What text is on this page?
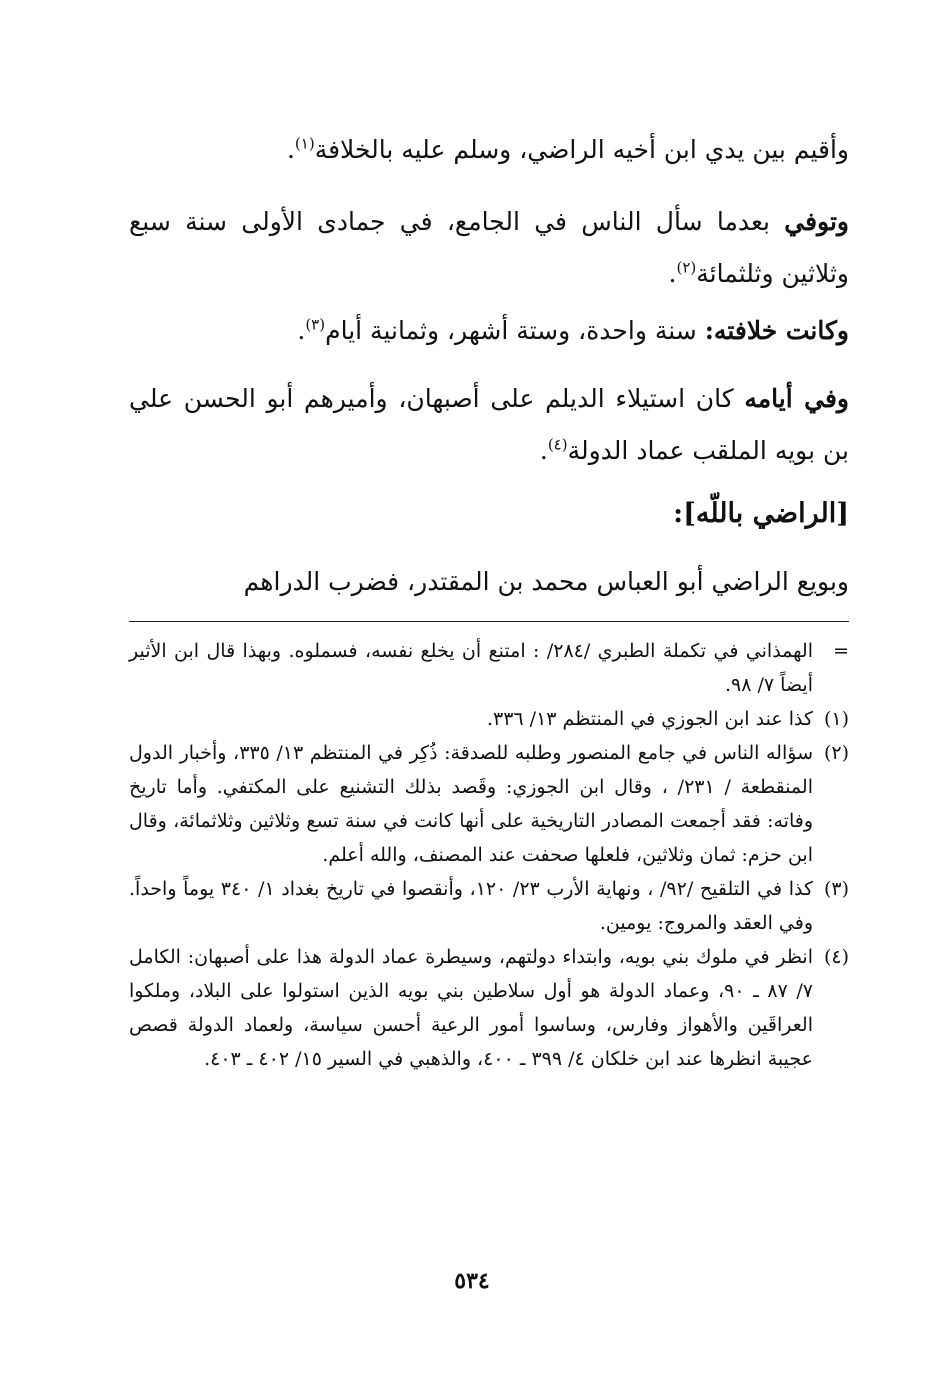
وأقيم بين يدي ابن أخيه الراضي، وسلم عليه بالخلافة$^{(١)}$.

وتوفي بعدما سأل الناس في الجامع، في جمادى الأولى سنة سبع وثلاثين وثلثمائة$^{(٢)}$.

وكانت خلافته: سنة واحدة، وستة أشهر، وثمانية أيام$^{(٣)}$.

وفي أيامه كان استيلاء الديلم على أصبهان، وأميرهم أبو الحسن علي بن بويه الملقب عماد الدولة$^{(٤)}$.

[الراضي باللّه]:

وبويع الراضي أبو العباس محمد بن المقتدر، فضرب الدراهم

=
الهمذاني في تكملة الطبري /٢٨٤/ : امتنع أن يخلع نفسه، فسملوه. وبهذا قال ابن الأثير أيضاً ٧/ ٩٨.
(١)
كذا عند ابن الجوزي في المنتظم ١٣/ ٣٣٦.
(٢)
سؤاله الناس في جامع المنصور وطلبه للصدقة: ذُكِر في المنتظم ١٣/ ٣٣٥، وأخبار الدول المنقطعة / ٢٣١/ ، وقال ابن الجوزي: وقَصد بذلك التشنيع على المكتفي. وأما تاريخ وفاته: فقد أجمعت المصادر التاريخية على أنها كانت في سنة تسع وثلاثين وثلاثمائة، وقال ابن حزم: ثمان وثلاثين، فلعلها صحفت عند المصنف، والله أعلم.
(٣)
كذا في التلقيح /٩٢/ ، ونهاية الأرب ٢٣/ ١٢٠، وأنقصوا في تاريخ بغداد ١/ ٣٤٠ يوماً واحداً. وفي العقد والمروج: يومين.
(٤)
انظر في ملوك بني بويه، وابتداء دولتهم، وسيطرة عماد الدولة هذا على أصبهان: الكامل ٧/ ٨٧ ـ ٩٠، وعماد الدولة هو أول سلاطين بني بويه الذين استولوا على البلاد، وملكوا العراقَين والأهواز وفارس، وساسوا أمور الرعية أحسن سياسة، ولعماد الدولة قصص عجيبة انظرها عند ابن خلكان ٤/ ٣٩٩ ـ ٤٠٠، والذهبي في السير ١٥/ ٤٠٢ ـ ٤٠٣.
٥٣٤
